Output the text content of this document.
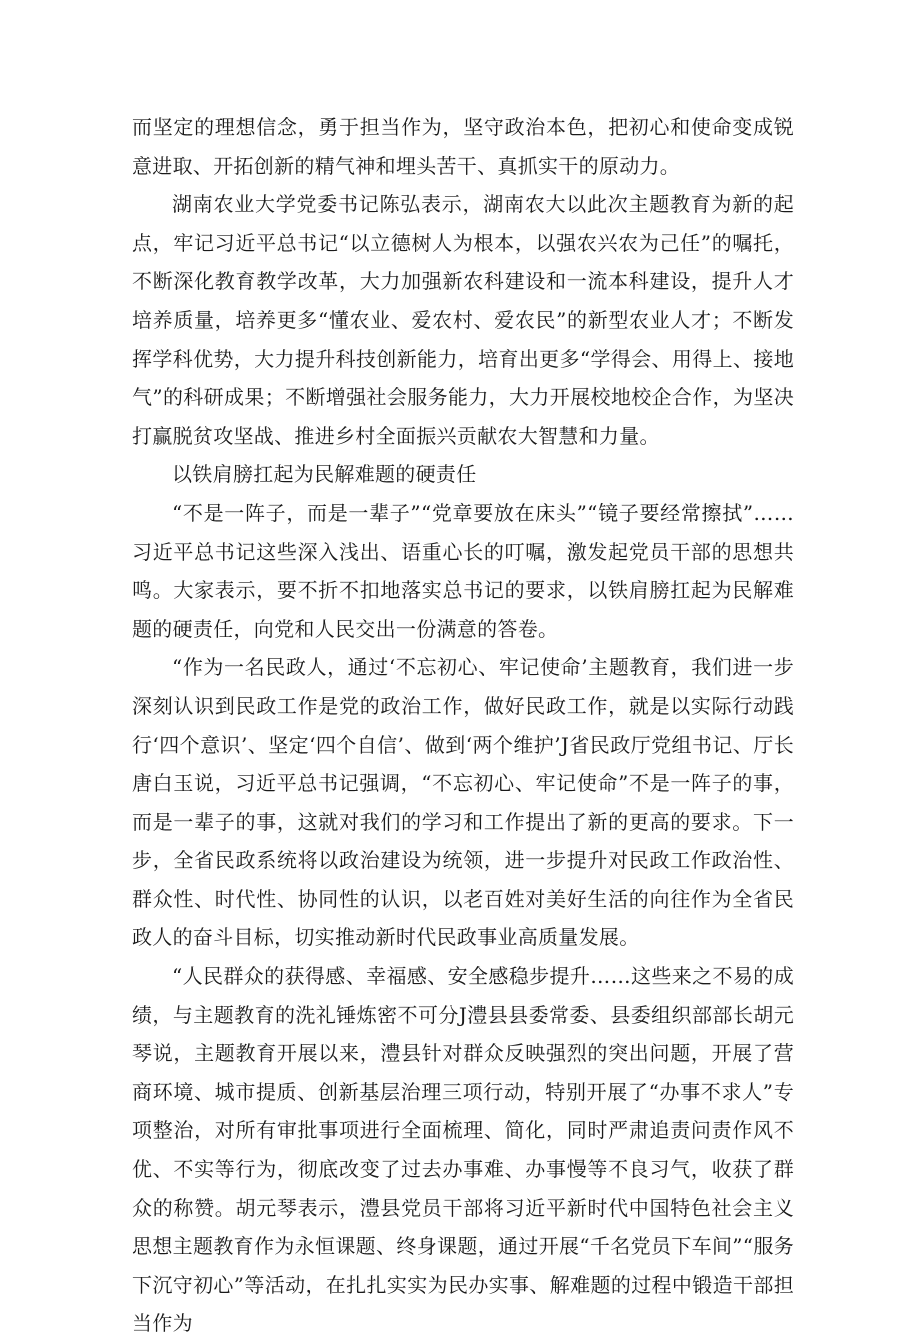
而坚定的理想信念，勇于担当作为，坚守政治本色，把初心和使命变成锐意进取、开拓创新的精气神和埋头苦干、真抓实干的原动力。

湖南农业大学党委书记陈弘表示，湖南农大以此次主题教育为新的起点，牢记习近平总书记“以立德树人为根本，以强农兴农为己任”的嘱托，不断深化教育教学改革，大力加强新农科建设和一流本科建设，提升人才培养质量，培养更多“懂农业、爱农村、爱农民”的新型农业人才；不断发挥学科优势，大力提升科技创新能力，培育出更多“学得会、用得上、接地气”的科研成果；不断增强社会服务能力，大力开展校地校企合作，为坚决打赢脱贫攻坚战、推进乡村全面振兴贡献农大智慧和力量。

以铁肩膀扛起为民解难题的硬责任

“不是一阵子，而是一辈子”“党章要放在床头”“镜子要经常擦拭”……习近平总书记这些深入浅出、语重心长的叮嘱，激发起党员干部的思想共鸣。大家表示，要不折不扣地落实总书记的要求，以铁肩膀扛起为民解难题的硬责任，向党和人民交出一份满意的答卷。

“作为一名民政人，通过‘不忘初心、牢记使命’主题教育，我们进一步深刻认识到民政工作是党的政治工作，做好民政工作，就是以实际行动践行‘四个意识’、坚定‘四个自信’、做到‘两个维护’J省民政厅党组书记、厅长唐白玉说，习近平总书记强调，“不忘初心、牢记使命”不是一阵子的事，而是一辈子的事，这就对我们的学习和工作提出了新的更高的要求。下一步，全省民政系统将以政治建设为统领，进一步提升对民政工作政治性、群众性、时代性、协同性的认识，以老百姓对美好生活的向往作为全省民政人的奋斗目标，切实推动新时代民政事业高质量发展。

“人民群众的获得感、幸福感、安全感稳步提升……这些来之不易的成绩，与主题教育的洗礼锤炼密不可分J澧县县委常委、县委组织部部长胡元琴说，主题教育开展以来，澧县针对群众反映强烈的突出问题，开展了营商环境、城市提质、创新基层治理三项行动，特别开展了“办事不求人”专项整治，对所有审批事项进行全面梳理、简化，同时严肃追责问责作风不优、不实等行为，彻底改变了过去办事难、办事慢等不良习气，收获了群众的称赞。胡元琴表示，澧县党员干部将习近平新时代中国特色社会主义思想主题教育作为永恒课题、终身课题，通过开展“千名党员下车间”“服务下沉守初心”等活动，在扎扎实实为民办实事、解难题的过程中锻造干部担当作为
